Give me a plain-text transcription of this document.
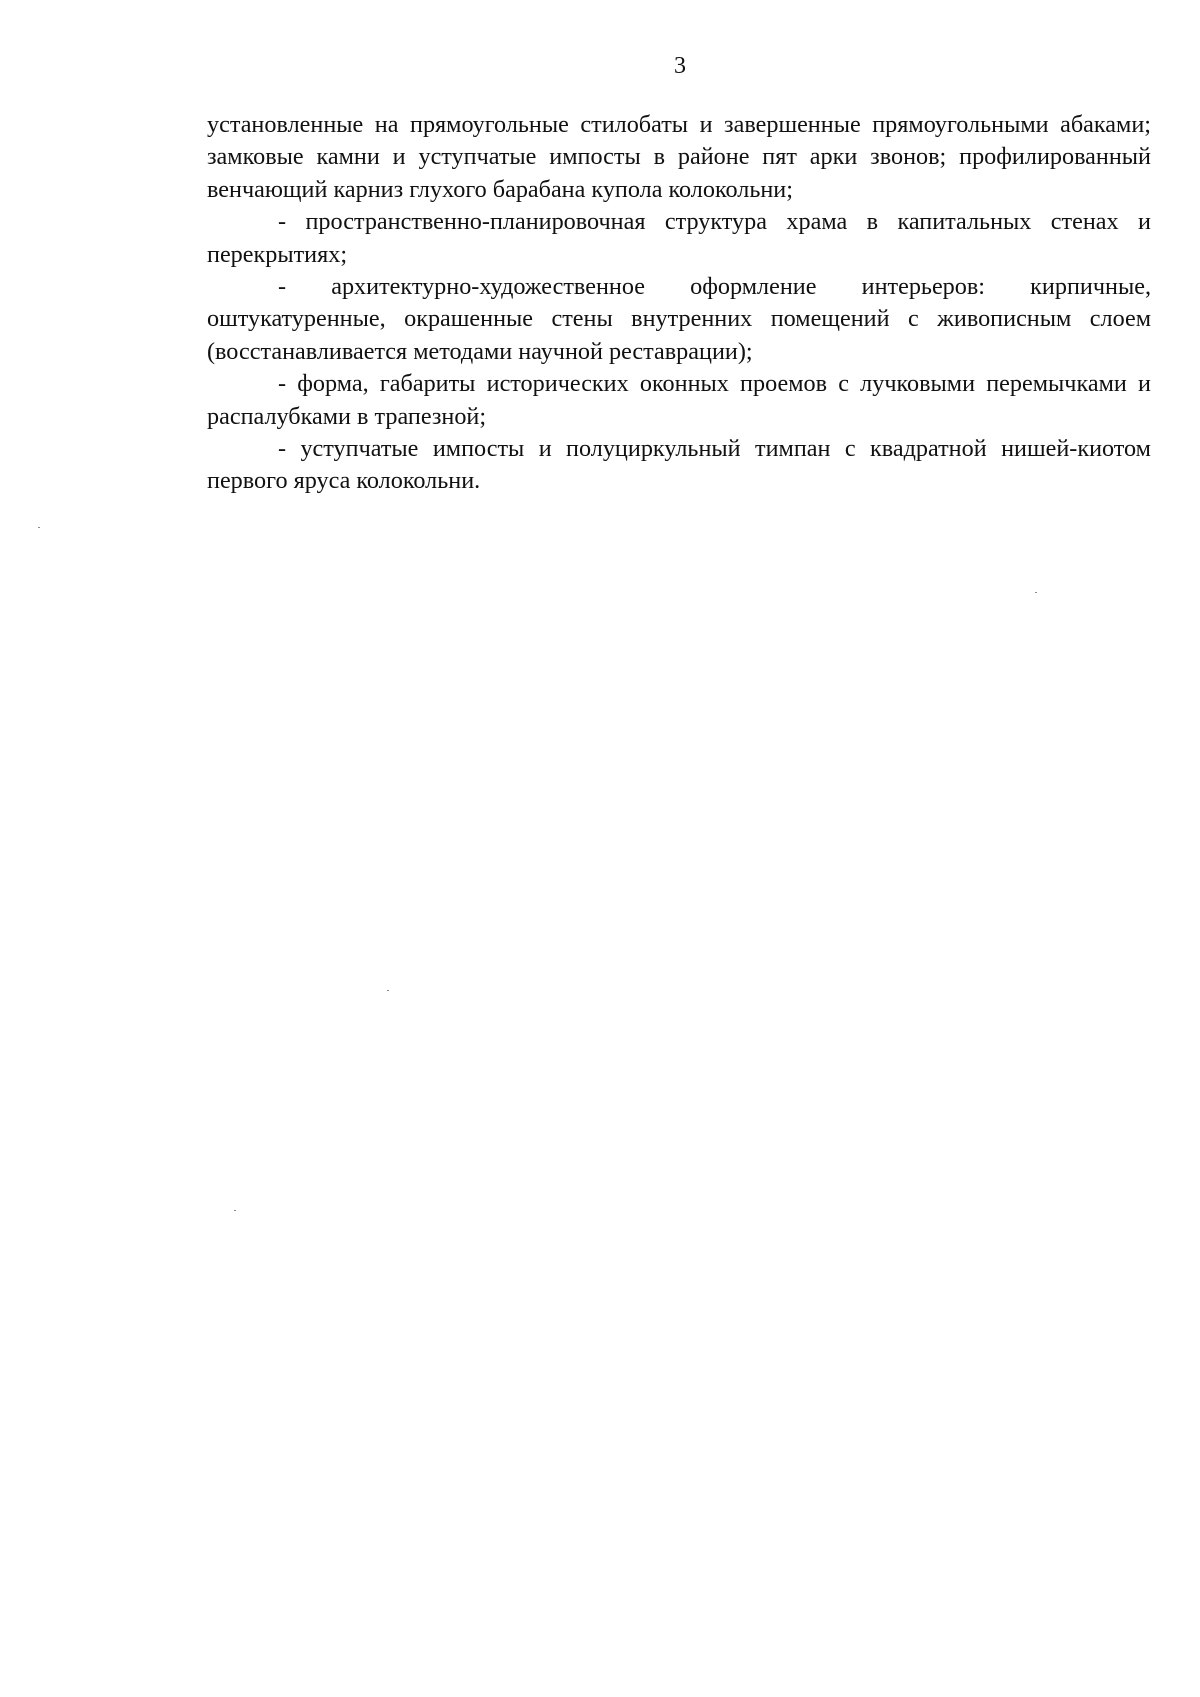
3

установленные на прямоугольные стилобаты и завершенные прямоугольными абаками; замковые камни и уступчатые импосты в районе пят арки звонов; профилированный венчающий карниз глухого барабана купола колокольни;

- пространственно-планировочная структура храма в капитальных стенах и перекрытиях;

- архитектурно-художественное оформление интерьеров: кирпичные, оштукатуренные, окрашенные стены внутренних помещений с живописным слоем (восстанавливается методами научной реставрации);

- форма, габариты исторических оконных проемов с лучковыми перемычками и распалубками в трапезной;

- уступчатые импосты и полуциркульный тимпан с квадратной нишей-киотом первого яруса колокольни.
